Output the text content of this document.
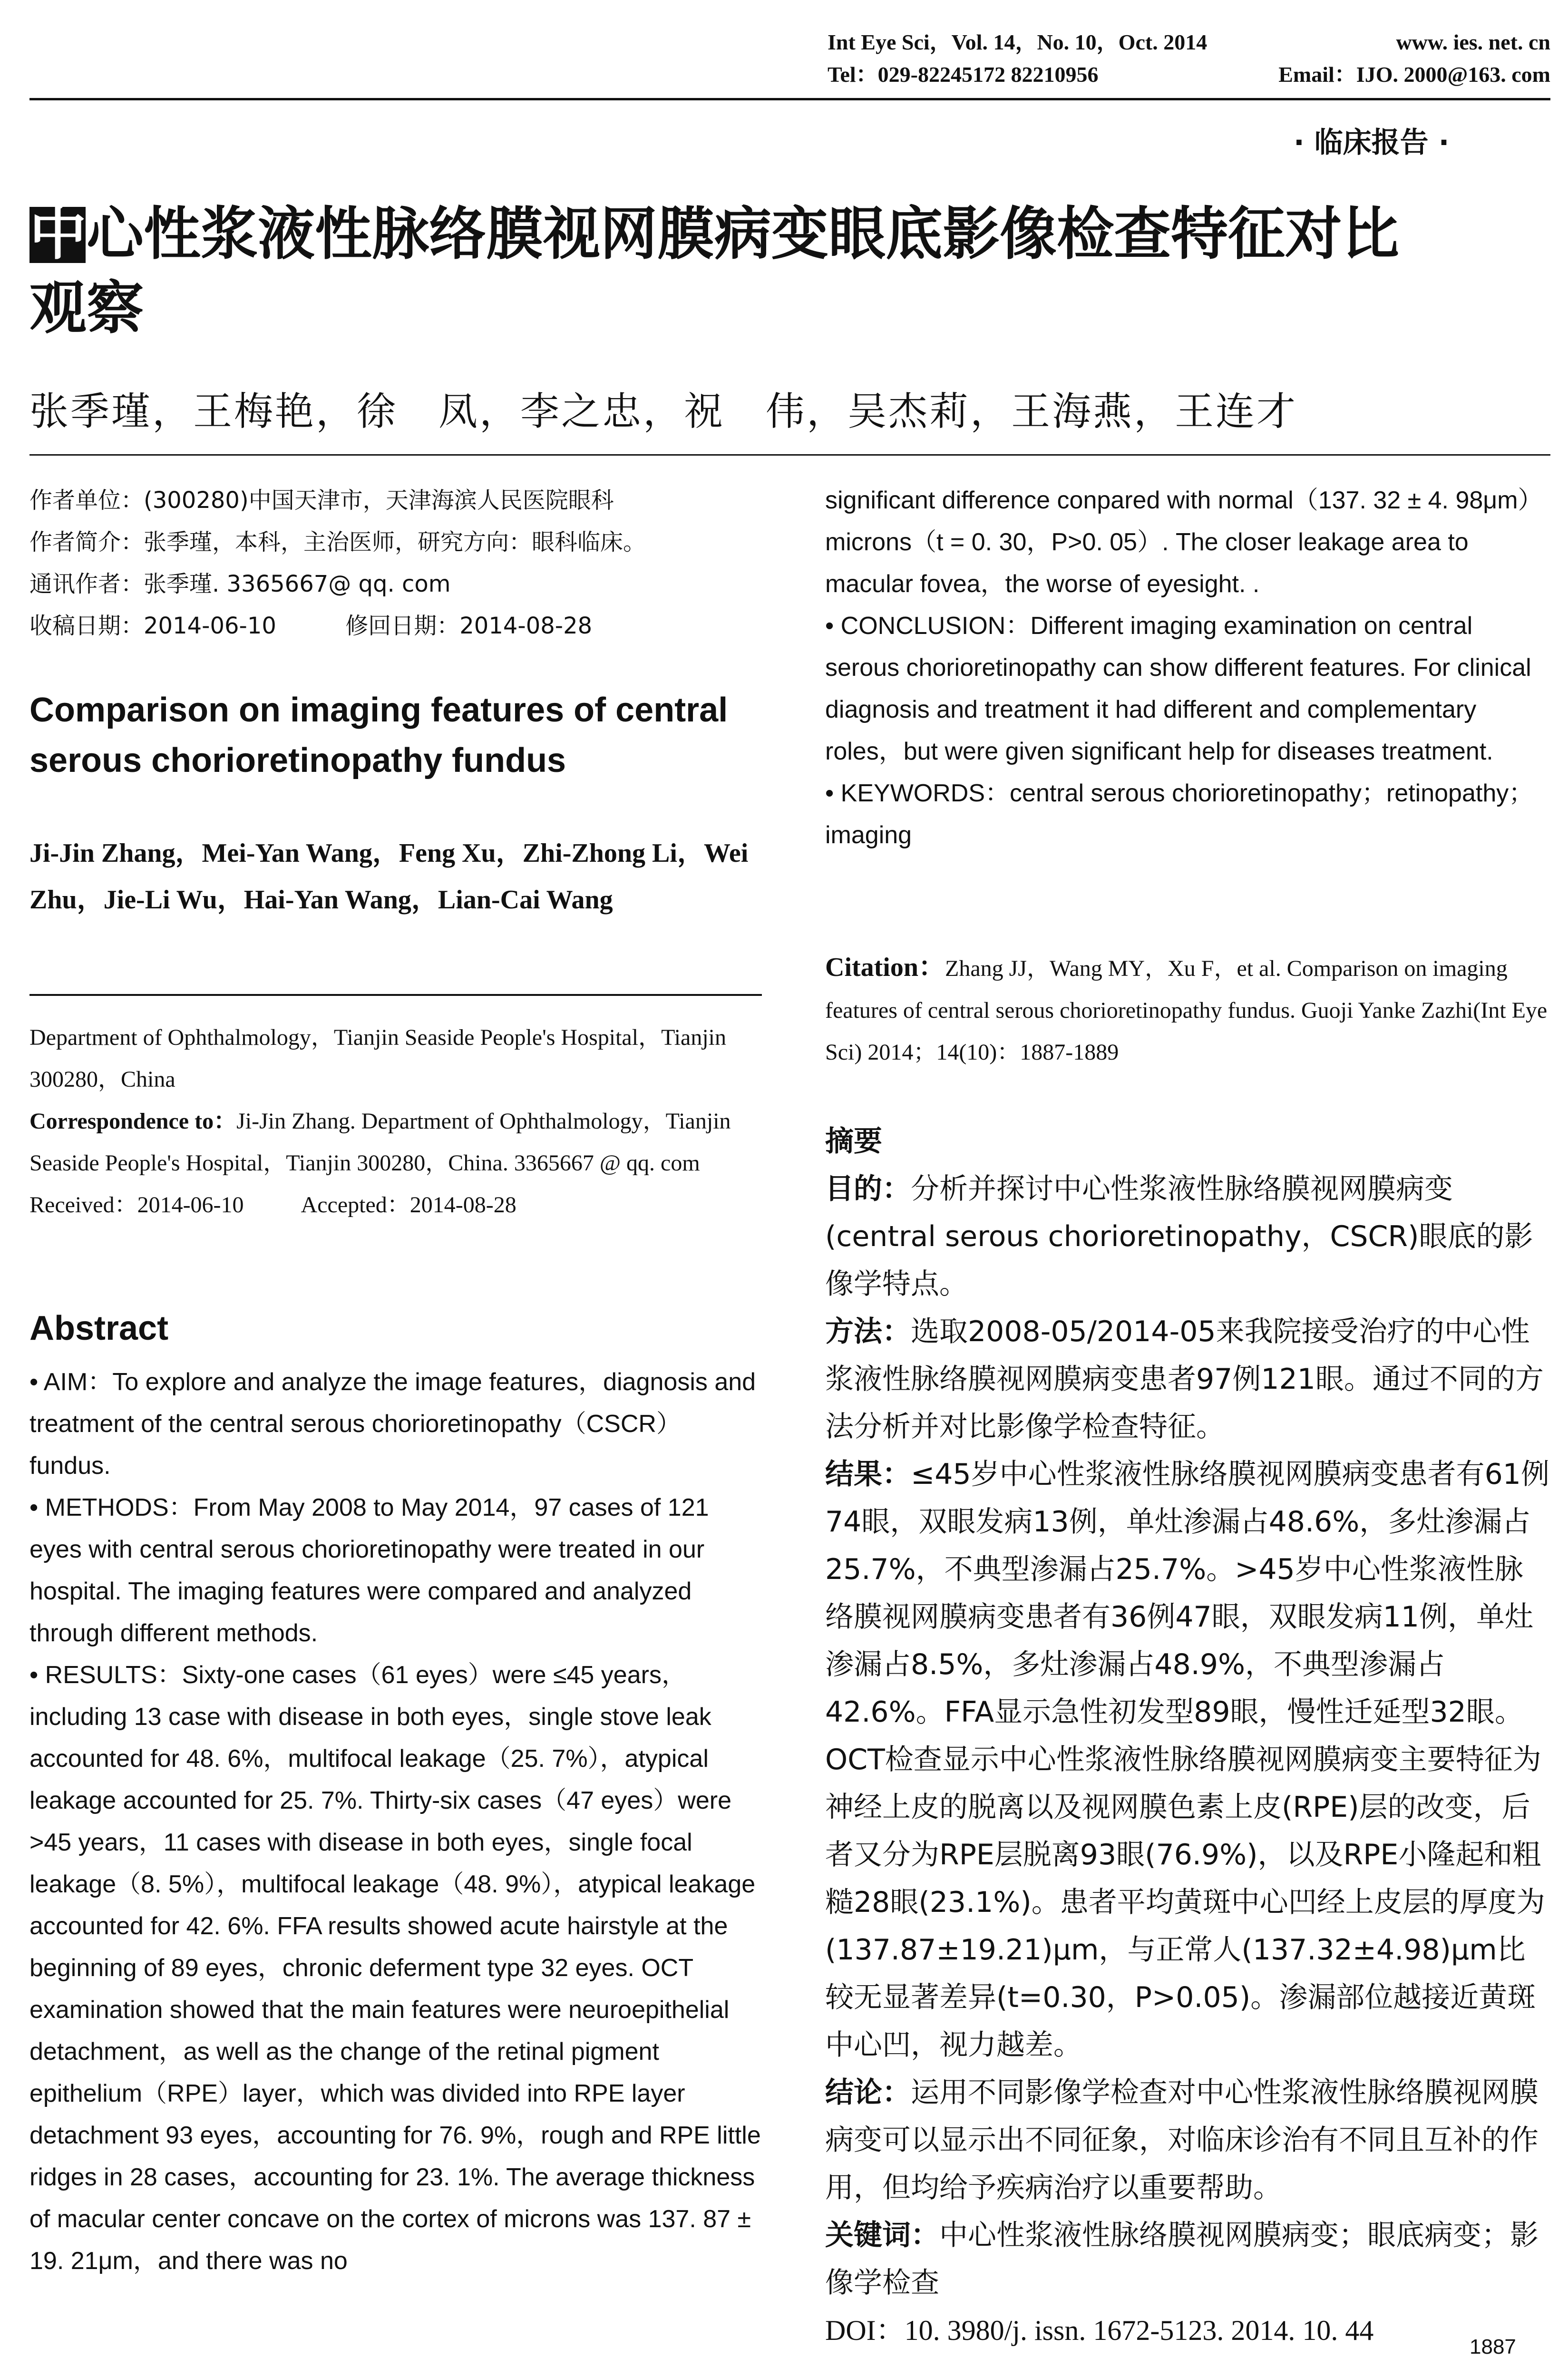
Int Eye Sci，Vol. 14，No. 10，Oct. 2014	www. ies. net. cn
Tel：029-82245172 82210956	Email：IJO. 2000@163. com
· 临床报告 ·
中心性浆液性脉络膜视网膜病变眼底影像检查特征对比
观察
张季瑾，王梅艳，徐　凤，李之忠，祝　伟，吴杰莉，王海燕，王连才
作者单位：(300280)中国天津市，天津海滨人民医院眼科
作者简介：张季瑾，本科，主治医师，研究方向：眼科临床。
通讯作者：张季瑾. 3365667@ qq. com
收稿日期：2014-06-10	修回日期：2014-08-28
Comparison on imaging features of central serous chorioretinopathy fundus
Ji-Jin Zhang，Mei-Yan Wang，Feng Xu，Zhi-Zhong Li，Wei Zhu，Jie-Li Wu，Hai-Yan Wang，Lian-Cai Wang
Department of Ophthalmology，Tianjin Seaside People's Hospital，Tianjin 300280，China
Correspondence to：Ji-Jin Zhang. Department of Ophthalmology，Tianjin Seaside People's Hospital，Tianjin 300280，China. 3365667 @ qq. com
Received：2014-06-10	Accepted：2014-08-28
Abstract

• AIM：To explore and analyze the image features，diagnosis and treatment of the central serous chorioretinopathy（CSCR）fundus.

• METHODS：From May 2008 to May 2014，97 cases of 121 eyes with central serous chorioretinopathy were treated in our hospital. The imaging features were compared and analyzed through different methods.

• RESULTS：Sixty-one cases（61 eyes）were ≤45 years，including 13 case with disease in both eyes，single stove leak accounted for 48. 6%，multifocal leakage（25. 7%），atypical leakage accounted for 25. 7%. Thirty-six cases（47 eyes）were >45 years，11 cases with disease in both eyes，single focal leakage（8. 5%），multifocal leakage（48. 9%），atypical leakage accounted for 42. 6%. FFA results showed acute hairstyle at the beginning of 89 eyes，chronic deferment type 32 eyes. OCT examination showed that the main features were neuroepithelial detachment，as well as the change of the retinal pigment epithelium（RPE）layer，which was divided into RPE layer detachment 93 eyes，accounting for 76. 9%，rough and RPE little ridges in 28 cases，accounting for 23. 1%. The average thickness of macular center concave on the cortex of microns was 137. 87 ± 19. 21μm，and there was no

significant difference conpared with normal（137. 32 ± 4. 98μm）microns（t = 0. 30，P>0. 05）. The closer leakage area to macular fovea，the worse of eyesight. .

• CONCLUSION：Different imaging examination on central serous chorioretinopathy can show different features. For clinical diagnosis and treatment it had different and complementary roles，but were given significant help for diseases treatment.

• KEYWORDS：central serous chorioretinopathy；retinopathy；imaging

Citation：Zhang JJ，Wang MY，Xu F，et al. Comparison on imaging features of central serous chorioretinopathy fundus. Guoji Yanke Zazhi(Int Eye Sci) 2014；14(10)：1887-1889

摘要

目的：分析并探讨中心性浆液性脉络膜视网膜病变(central serous chorioretinopathy，CSCR)眼底的影像学特点。

方法：选取2008-05/2014-05来我院接受治疗的中心性浆液性脉络膜视网膜病变患者97例121眼。通过不同的方法分析并对比影像学检查特征。

结果：≤45岁中心性浆液性脉络膜视网膜病变患者有61例74眼，双眼发病13例，单灶渗漏占48.6%，多灶渗漏占25.7%，不典型渗漏占25.7%。>45岁中心性浆液性脉络膜视网膜病变患者有36例47眼，双眼发病11例，单灶渗漏占8.5%，多灶渗漏占48.9%，不典型渗漏占42.6%。FFA显示急性初发型89眼，慢性迁延型32眼。OCT检查显示中心性浆液性脉络膜视网膜病变主要特征为神经上皮的脱离以及视网膜色素上皮(RPE)层的改变，后者又分为RPE层脱离93眼(76.9%)，以及RPE小隆起和粗糙28眼(23.1%)。患者平均黄斑中心凹经上皮层的厚度为(137.87±19.21)μm，与正常人(137.32±4.98)μm比较无显著差异(t=0.30，P>0.05)。渗漏部位越接近黄斑中心凹，视力越差。

结论：运用不同影像学检查对中心性浆液性脉络膜视网膜病变可以显示出不同征象，对临床诊治有不同且互补的作用，但均给予疾病治疗以重要帮助。

关键词：中心性浆液性脉络膜视网膜病变；眼底病变；影像学检查

DOI：10. 3980/j. issn. 1672-5123. 2014. 10. 44

1887
